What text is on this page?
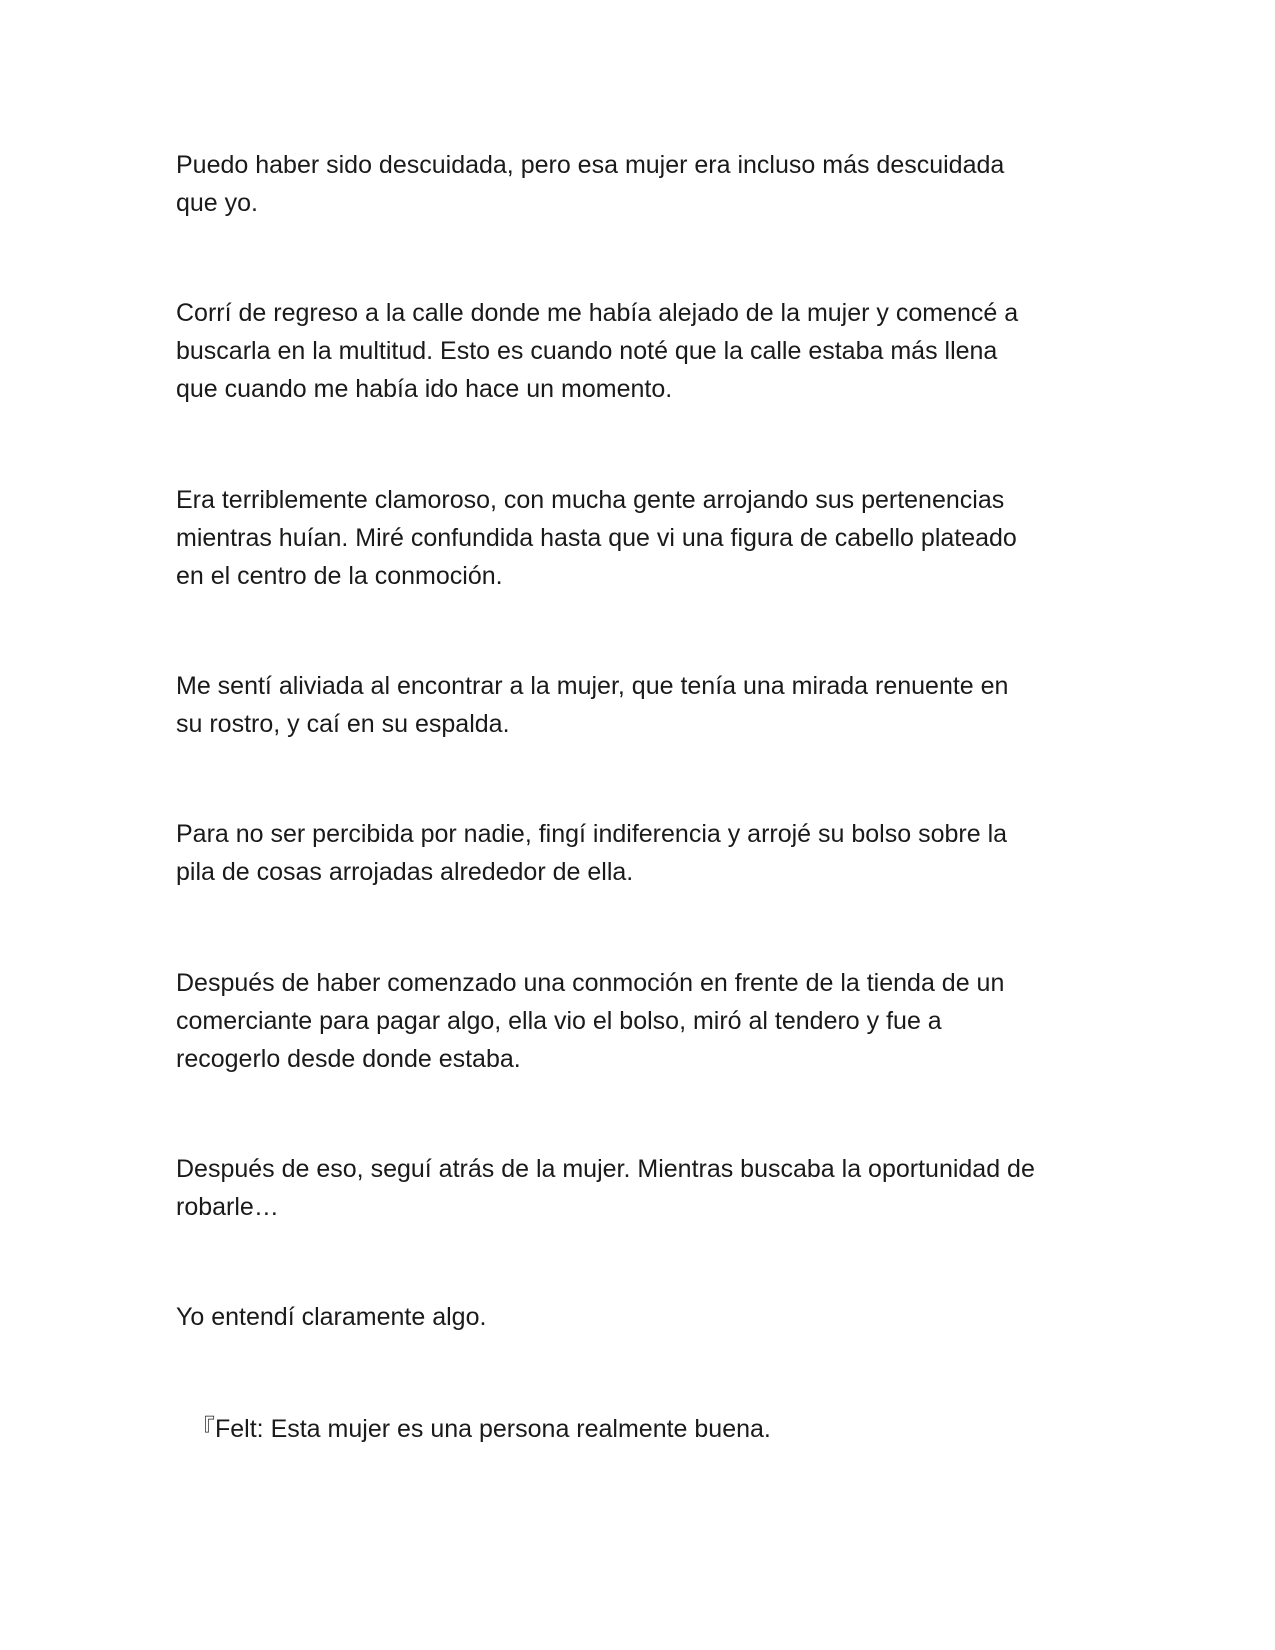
Puedo haber sido descuidada, pero esa mujer era incluso más descuidada
que yo.

Corrí de regreso a la calle donde me había alejado de la mujer y comencé a
buscarla en la multitud. Esto es cuando noté que la calle estaba más llena
que cuando me había ido hace un momento.

Era terriblemente clamoroso, con mucha gente arrojando sus pertenencias
mientras huían. Miré confundida hasta que vi una figura de cabello plateado
en el centro de la conmoción.

Me sentí aliviada al encontrar a la mujer, que tenía una mirada renuente en
su rostro, y caí en su espalda.

Para no ser percibida por nadie, fingí indiferencia y arrojé su bolso sobre la
pila de cosas arrojadas alrededor de ella.

Después de haber comenzado una conmoción en frente de la tienda de un
comerciante para pagar algo, ella vio el bolso, miró al tendero y fue a
recogerlo desde donde estaba.

Después de eso, seguí atrás de la mujer. Mientras buscaba la oportunidad de
robarle…

Yo entendí claramente algo.

『Felt: Esta mujer es una persona realmente buena.
